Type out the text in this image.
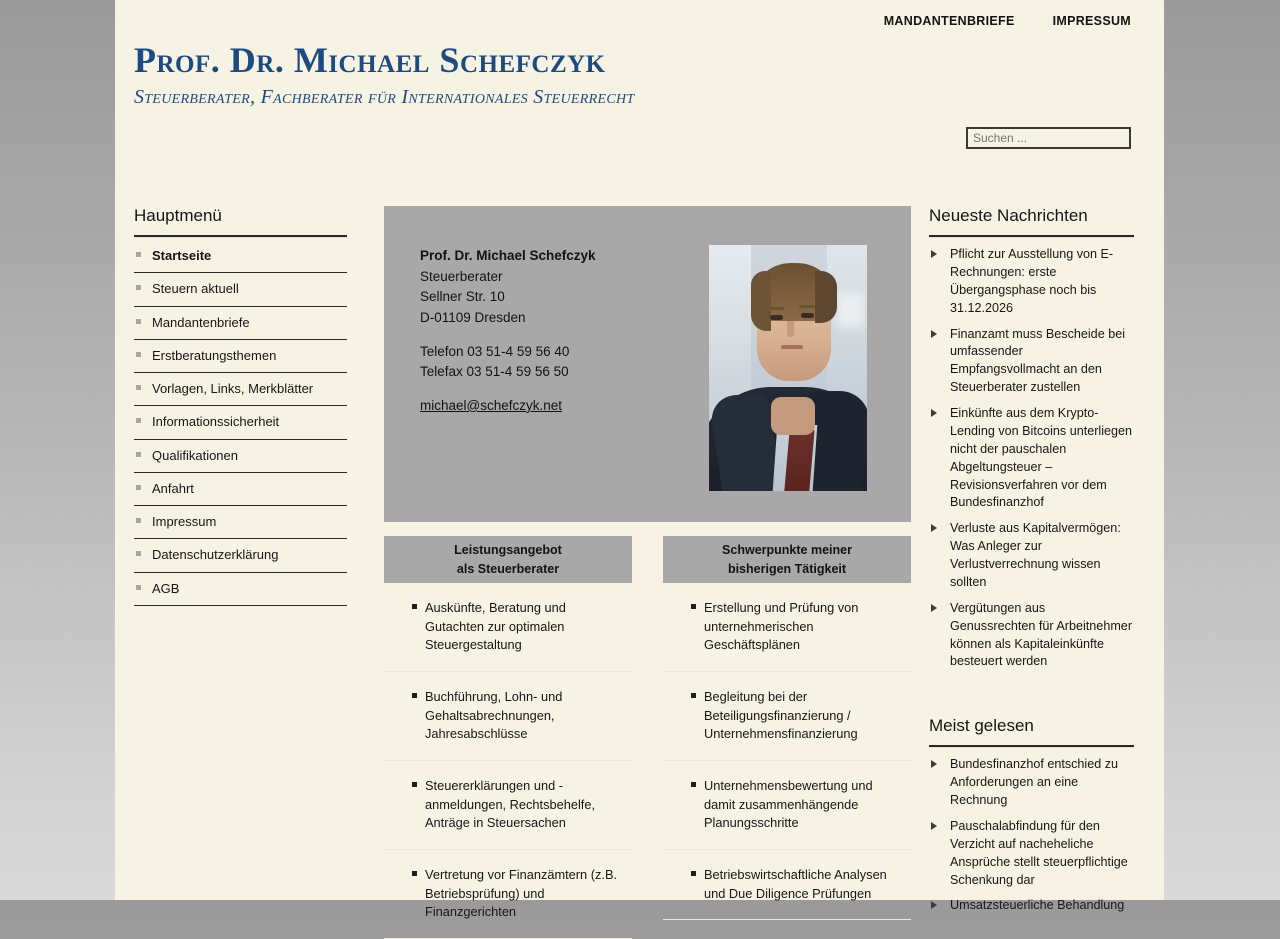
MANDANTENBRIEFE	IMPRESSUM
Prof. Dr. Michael Schefczyk
Steuerberater, Fachberater für Internationales Steuerrecht
Suchen ...
Hauptmenü
Startseite
Steuern aktuell
Mandantenbriefe
Erstberatungsthemen
Vorlagen, Links, Merkblätter
Informationssicherheit
Qualifikationen
Anfahrt
Impressum
Datenschutzerklärung
AGB
Prof. Dr. Michael Schefczyk
Steuerberater
Sellner Str. 10
D-01109 Dresden
Telefon 03 51-4 59 56 40
Telefax 03 51-4 59 56 50
michael@schefczyk.net
Leistungsangebot
als Steuerberater
Auskünfte, Beratung und Gutachten zur optimalen Steuergestaltung
Buchführung, Lohn- und Gehaltsabrechnungen, Jahresabschlüsse
Steuererklärungen und -anmeldungen, Rechtsbehelfe, Anträge in Steuersachen
Vertretung vor Finanzämtern (z.B. Betriebsprüfung) und Finanzgerichten
Schwerpunkte meiner
bisherigen Tätigkeit
Erstellung und Prüfung von unternehmerischen Geschäftsplänen
Begleitung bei der Beteiligungsfinanzierung / Unternehmensfinanzierung
Unternehmensbewertung und damit zusammenhängende Planungsschritte
Betriebswirtschaftliche Analysen und Due Diligence Prüfungen
Neueste Nachrichten
Pflicht zur Ausstellung von E-Rechnungen: erste Übergangsphase noch bis 31.12.2026
Finanzamt muss Bescheide bei umfassender Empfangsvollmacht an den Steuerberater zustellen
Einkünfte aus dem Krypto-Lending von Bitcoins unterliegen nicht der pauschalen Abgeltungsteuer – Revisionsverfahren vor dem Bundesfinanzhof
Verluste aus Kapitalvermögen: Was Anleger zur Verlustverrechnung wissen sollten
Vergütungen aus Genussrechten für Arbeitnehmer können als Kapitaleinkünfte besteuert werden
Meist gelesen
Bundesfinanzhof entschied zu Anforderungen an eine Rechnung
Pauschalabfindung für den Verzicht auf nacheheliche Ansprüche stellt steuerpflichtige Schenkung dar
Umsatzsteuerliche Behandlung
